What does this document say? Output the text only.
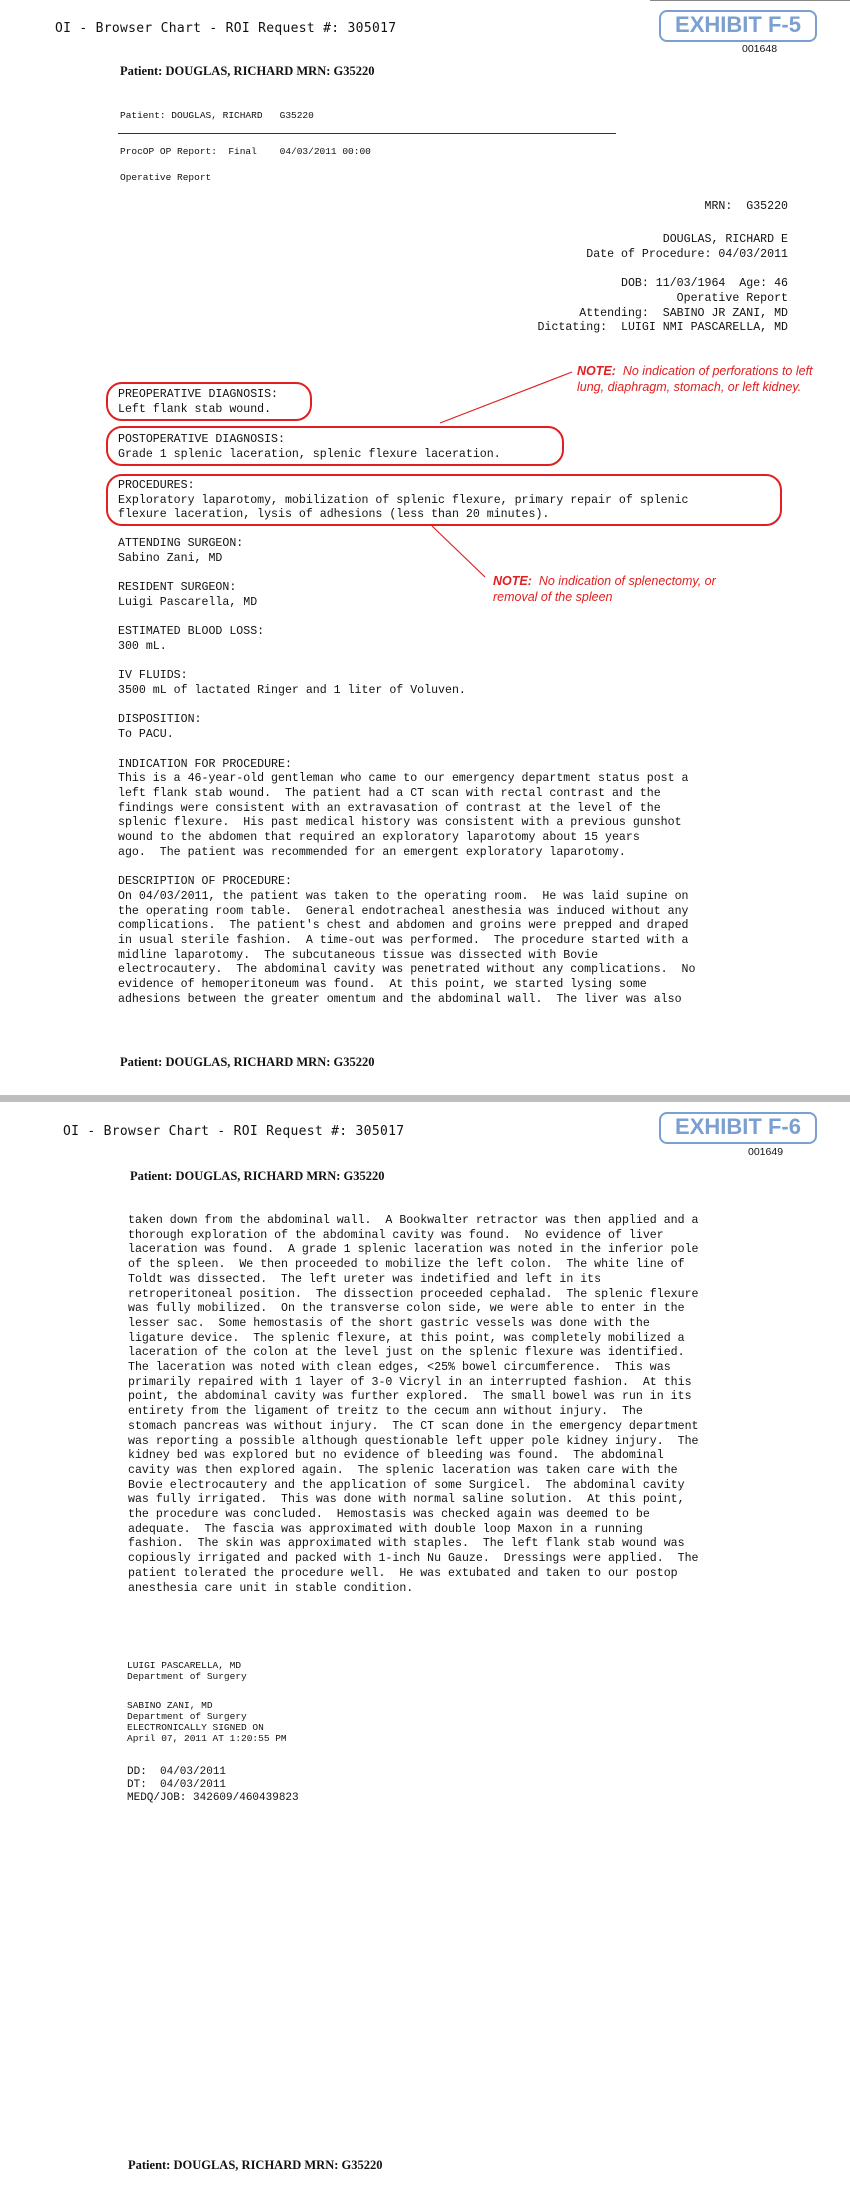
OI - Browser Chart - ROI Request #: 305017	EXHIBIT F-5
001648
Patient: DOUGLAS, RICHARD MRN: G35220
Patient: DOUGLAS, RICHARD   G35220
ProcOP OP Report:  Final    04/03/2011 00:00
Operative Report
MRN:  G35220
DOUGLAS, RICHARD E
Date of Procedure: 04/03/2011

DOB: 11/03/1964  Age: 46
Operative Report
Attending:  SABINO JR ZANI, MD
Dictating:  LUIGI NMI PASCARELLA, MD
PREOPERATIVE DIAGNOSIS:
Left flank stab wound.
POSTOPERATIVE DIAGNOSIS:
Grade 1 splenic laceration, splenic flexure laceration.
PROCEDURES:
Exploratory laparotomy, mobilization of splenic flexure, primary repair of splenic
flexure laceration, lysis of adhesions (less than 20 minutes).
NOTE: No indication of perforations to left lung, diaphragm, stomach, or left kidney.
NOTE: No indication of splenectomy, or removal of the spleen
ATTENDING SURGEON:
Sabino Zani, MD

RESIDENT SURGEON:
Luigi Pascarella, MD

ESTIMATED BLOOD LOSS:
300 mL.

IV FLUIDS:
3500 mL of lactated Ringer and 1 liter of Voluven.

DISPOSITION:
To PACU.

INDICATION FOR PROCEDURE:
This is a 46-year-old gentleman who came to our emergency department status post a
left flank stab wound.  The patient had a CT scan with rectal contrast and the
findings were consistent with an extravasation of contrast at the level of the
splenic flexure.  His past medical history was consistent with a previous gunshot
wound to the abdomen that required an exploratory laparotomy about 15 years
ago.  The patient was recommended for an emergent exploratory laparotomy.

DESCRIPTION OF PROCEDURE:
On 04/03/2011, the patient was taken to the operating room.  He was laid supine on
the operating room table.  General endotracheal anesthesia was induced without any
complications.  The patient's chest and abdomen and groins were prepped and draped
in usual sterile fashion.  A time-out was performed.  The procedure started with a
midline laparotomy.  The subcutaneous tissue was dissected with Bovie
electrocautery.  The abdominal cavity was penetrated without any complications.  No
evidence of hemoperitoneum was found.  At this point, we started lysing some
adhesions between the greater omentum and the abdominal wall.  The liver was also
Patient: DOUGLAS, RICHARD MRN: G35220
OI - Browser Chart - ROI Request #: 305017	EXHIBIT F-6
001649
Patient: DOUGLAS, RICHARD MRN: G35220
taken down from the abdominal wall.  A Bookwalter retractor was then applied and a
thorough exploration of the abdominal cavity was found.  No evidence of liver
laceration was found.  A grade 1 splenic laceration was noted in the inferior pole
of the spleen.  We then proceeded to mobilize the left colon.  The white line of
Toldt was dissected.  The left ureter was indetified and left in its
retroperitoneal position.  The dissection proceeded cephalad.  The splenic flexure
was fully mobilized.  On the transverse colon side, we were able to enter in the
lesser sac.  Some hemostasis of the short gastric vessels was done with the
ligature device.  The splenic flexure, at this point, was completely mobilized a
laceration of the colon at the level just on the splenic flexure was identified.
The laceration was noted with clean edges, <25% bowel circumference.  This was
primarily repaired with 1 layer of 3-0 Vicryl in an interrupted fashion.  At this
point, the abdominal cavity was further explored.  The small bowel was run in its
entirety from the ligament of treitz to the cecum ann without injury.  The
stomach pancreas was without injury.  The CT scan done in the emergency department
was reporting a possible although questionable left upper pole kidney injury.  The
kidney bed was explored but no evidence of bleeding was found.  The abdominal
cavity was then explored again.  The splenic laceration was taken care with the
Bovie electrocautery and the application of some Surgicel.  The abdominal cavity
was fully irrigated.  This was done with normal saline solution.  At this point,
the procedure was concluded.  Hemostasis was checked again was deemed to be
adequate.  The fascia was approximated with double loop Maxon in a running
fashion.  The skin was approximated with staples.  The left flank stab wound was
copiously irrigated and packed with 1-inch Nu Gauze.  Dressings were applied.  The
patient tolerated the procedure well.  He was extubated and taken to our postop
anesthesia care unit in stable condition.
LUIGI PASCARELLA, MD
Department of Surgery
SABINO ZANI, MD
Department of Surgery
ELECTRONICALLY SIGNED ON
April 07, 2011 AT 1:20:55 PM
DD:  04/03/2011
DT:  04/03/2011
MEDQ/JOB: 342609/460439823
Patient: DOUGLAS, RICHARD MRN: G35220
